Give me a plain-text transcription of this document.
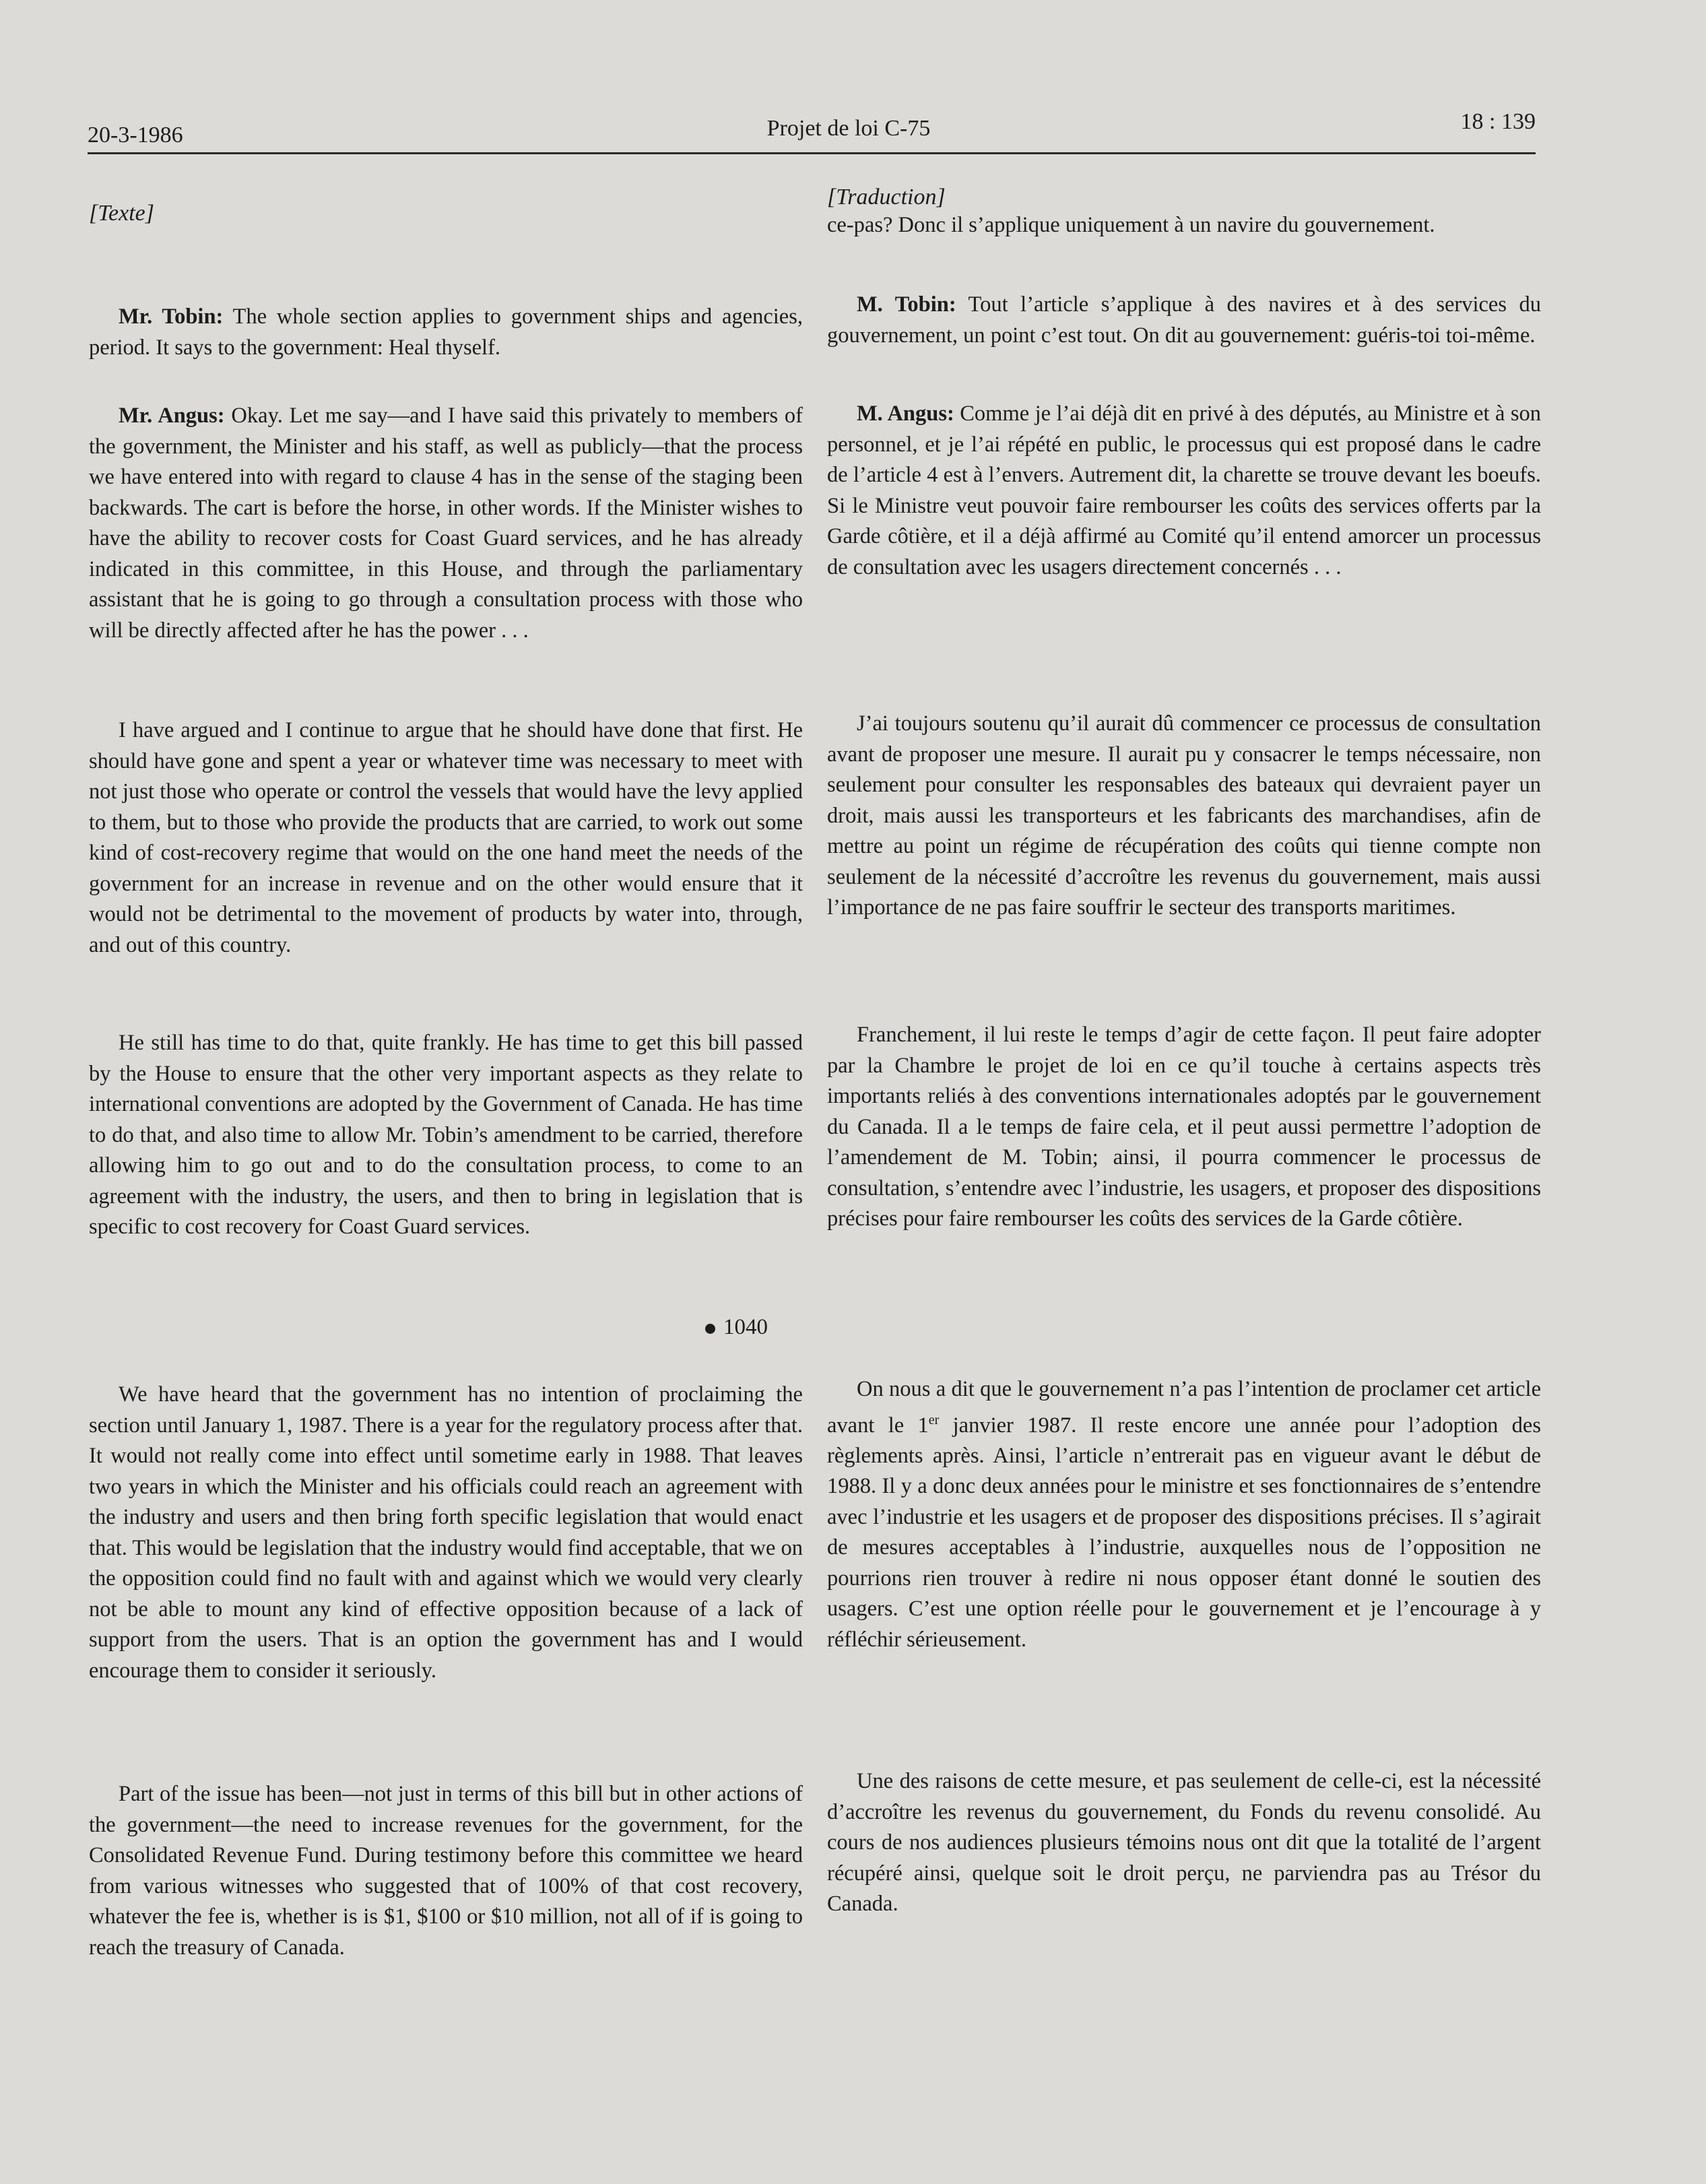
20-3-1986	Projet de loi C-75	18 : 139
[Texte]

Mr. Tobin: The whole section applies to government ships and agencies, period. It says to the government: Heal thyself.

Mr. Angus: Okay. Let me say—and I have said this privately to members of the government, the Minister and his staff, as well as publicly—that the process we have entered into with regard to clause 4 has in the sense of the staging been backwards. The cart is before the horse, in other words. If the Minister wishes to have the ability to recover costs for Coast Guard services, and he has already indicated in this committee, in this House, and through the parliamentary assistant that he is going to go through a consultation process with those who will be directly affected after he has the power . . .

I have argued and I continue to argue that he should have done that first. He should have gone and spent a year or whatever time was necessary to meet with not just those who operate or control the vessels that would have the levy applied to them, but to those who provide the products that are carried, to work out some kind of cost-recovery regime that would on the one hand meet the needs of the government for an increase in revenue and on the other would ensure that it would not be detrimental to the movement of products by water into, through, and out of this country.

He still has time to do that, quite frankly. He has time to get this bill passed by the House to ensure that the other very important aspects as they relate to international conventions are adopted by the Government of Canada. He has time to do that, and also time to allow Mr. Tobin’s amendment to be carried, therefore allowing him to go out and to do the consultation process, to come to an agreement with the industry, the users, and then to bring in legislation that is specific to cost recovery for Coast Guard services.

1040

We have heard that the government has no intention of proclaiming the section until January 1, 1987. There is a year for the regulatory process after that. It would not really come into effect until sometime early in 1988. That leaves two years in which the Minister and his officials could reach an agreement with the industry and users and then bring forth specific legislation that would enact that. This would be legislation that the industry would find acceptable, that we on the opposition could find no fault with and against which we would very clearly not be able to mount any kind of effective opposition because of a lack of support from the users. That is an option the government has and I would encourage them to consider it seriously.

Part of the issue has been—not just in terms of this bill but in other actions of the government—the need to increase revenues for the government, for the Consolidated Revenue Fund. During testimony before this committee we heard from various witnesses who suggested that of 100% of that cost recovery, whatever the fee is, whether is is $1, $100 or $10 million, not all of if is going to reach the treasury of Canada.

[Traduction]

ce-pas? Donc il s’applique uniquement à un navire du gouvernement.

M. Tobin: Tout l’article s’applique à des navires et à des services du gouvernement, un point c’est tout. On dit au gouvernement: guéris-toi toi-même.

M. Angus: Comme je l’ai déjà dit en privé à des députés, au Ministre et à son personnel, et je l’ai répété en public, le processus qui est proposé dans le cadre de l’article 4 est à l’envers. Autrement dit, la charette se trouve devant les boeufs. Si le Ministre veut pouvoir faire rembourser les coûts des services offerts par la Garde côtière, et il a déjà affirmé au Comité qu’il entend amorcer un processus de consultation avec les usagers directement concernés . . .

J’ai toujours soutenu qu’il aurait dû commencer ce processus de consultation avant de proposer une mesure. Il aurait pu y consacrer le temps nécessaire, non seulement pour consulter les responsables des bateaux qui devraient payer un droit, mais aussi les transporteurs et les fabricants des marchandises, afin de mettre au point un régime de récupération des coûts qui tienne compte non seulement de la nécessité d’accroître les revenus du gouvernement, mais aussi l’importance de ne pas faire souffrir le secteur des transports maritimes.

Franchement, il lui reste le temps d’agir de cette façon. Il peut faire adopter par la Chambre le projet de loi en ce qu’il touche à certains aspects très importants reliés à des conventions internationales adoptés par le gouvernement du Canada. Il a le temps de faire cela, et il peut aussi permettre l’adoption de l’amendement de M. Tobin; ainsi, il pourra commencer le processus de consultation, s’entendre avec l’industrie, les usagers, et proposer des dispositions précises pour faire rembourser les coûts des services de la Garde côtière.

On nous a dit que le gouvernement n’a pas l’intention de proclamer cet article avant le 1er janvier 1987. Il reste encore une année pour l’adoption des règlements après. Ainsi, l’article n’entrerait pas en vigueur avant le début de 1988. Il y a donc deux années pour le ministre et ses fonctionnaires de s’entendre avec l’industrie et les usagers et de proposer des dispositions précises. Il s’agirait de mesures acceptables à l’industrie, auxquelles nous de l’opposition ne pourrions rien trouver à redire ni nous opposer étant donné le soutien des usagers. C’est une option réelle pour le gouvernement et je l’encourage à y réfléchir sérieusement.

Une des raisons de cette mesure, et pas seulement de celle-ci, est la nécessité d’accroître les revenus du gouvernement, du Fonds du revenu consolidé. Au cours de nos audiences plusieurs témoins nous ont dit que la totalité de l’argent récupéré ainsi, quelque soit le droit perçu, ne parviendra pas au Trésor du Canada.
